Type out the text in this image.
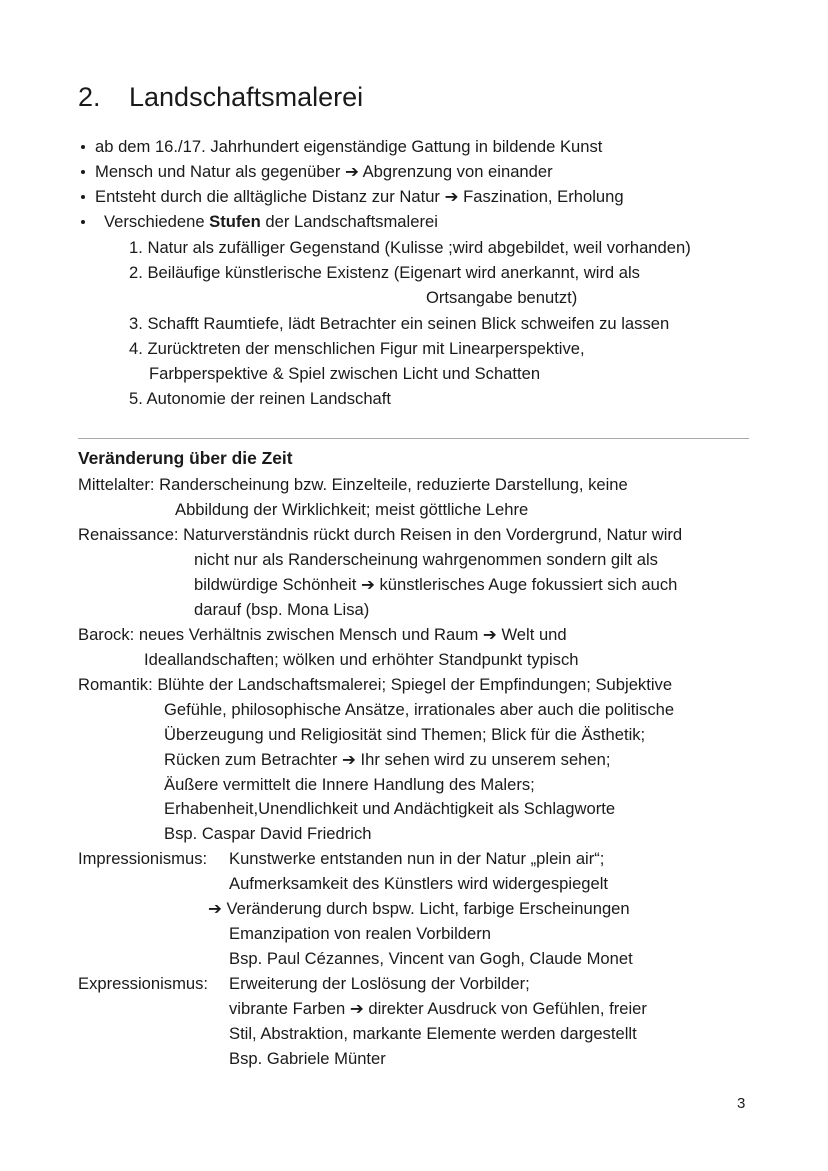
2. Landschaftsmalerei
ab dem 16./17. Jahrhundert eigenständige Gattung in bildende Kunst
Mensch und Natur als gegenüber ➔ Abgrenzung von einander
Entsteht durch die alltägliche Distanz zur Natur ➔ Faszination, Erholung
Verschiedene Stufen der Landschaftsmalerei
1. Natur als zufälliger Gegenstand (Kulisse ;wird abgebildet, weil vorhanden)
2. Beiläufige künstlerische Existenz (Eigenart wird anerkannt, wird als
Ortsangabe benutzt)
3. Schafft Raumtiefe, lädt Betrachter ein seinen Blick schweifen zu lassen
4. Zurücktreten der menschlichen Figur mit Linearperspektive,
Farbperspektive & Spiel zwischen Licht und Schatten
5. Autonomie der reinen Landschaft
Veränderung über die Zeit
Mittelalter: Randerscheinung bzw. Einzelteile, reduzierte Darstellung, keine
Abbildung der Wirklichkeit; meist göttliche Lehre
Renaissance: Naturverständnis rückt durch Reisen in den Vordergrund, Natur wird
nicht nur als Randerscheinung wahrgenommen sondern gilt als
bildwürdige Schönheit ➔ künstlerisches Auge fokussiert sich auch
darauf (bsp. Mona Lisa)
Barock: neues Verhältnis zwischen Mensch und Raum ➔ Welt und
Ideallandschaften; wölken und erhöhter Standpunkt typisch
Romantik: Blühte der Landschaftsmalerei; Spiegel der Empfindungen; Subjektive
Gefühle, philosophische Ansätze, irrationales aber auch die politische
Überzeugung und Religiosität sind Themen; Blick für die Ästhetik;
Rücken zum Betrachter ➔ Ihr sehen wird zu unserem sehen;
Äußere vermittelt die Innere Handlung des Malers;
Erhabenheit,Unendlichkeit und Andächtigkeit als Schlagworte
Bsp. Caspar David Friedrich
Impressionismus: Kunstwerke entstanden nun in der Natur „plein air“;
Aufmerksamkeit des Künstlers wird widergespiegelt
➔ Veränderung durch bspw. Licht, farbige Erscheinungen
Emanzipation von realen Vorbildern
Bsp. Paul Cézannes, Vincent van Gogh, Claude Monet
Expressionismus: Erweiterung der Loslösung der Vorbilder;
vibrante Farben ➔ direkter Ausdruck von Gefühlen, freier
Stil, Abstraktion, markante Elemente werden dargestellt
Bsp. Gabriele Münter
3
